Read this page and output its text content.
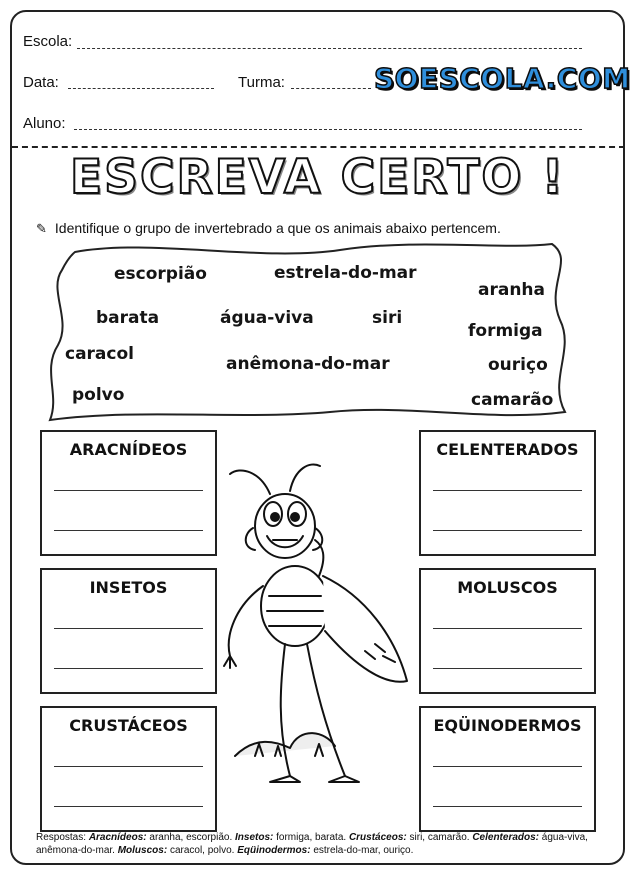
Escola:
Data:	Turma:	SOESCOLA.COM
Aluno:
ESCREVA CERTO !
✎ Identifique o grupo de invertebrado a que os animais abaixo pertencem.
escorpião	estrela-do-mar
aranha
barata	água-viva	siri
formiga
caracol	anêmona-do-mar	ouriço
polvo	camarão
ARACNÍDEOS
INSETOS
CRUSTÁCEOS
CELENTERADOS
MOLUSCOS
EQÜINODERMOS
Respostas: Aracnídeos: aranha, escorpião. Insetos: formiga, barata. Crustáceos: siri, camarão. Celenterados: água-viva, anêmona-do-mar. Moluscos: caracol, polvo. Eqüinodermos: estrela-do-mar, ouriço.
